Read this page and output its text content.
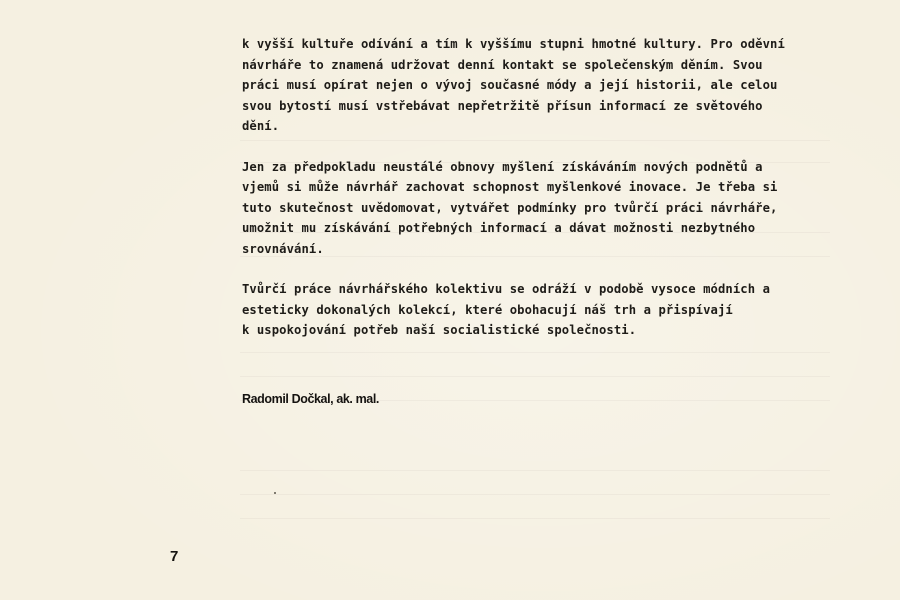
k vyšší kultuře odívání a tím k vyššímu stupni hmotné kultury. Pro oděvní
návrháře to znamená udržovat denní kontakt se společenským děním. Svou
práci musí opírat nejen o vývoj současné módy a její historii, ale celou
svou bytostí musí vstřebávat nepřetržitě přísun informací ze světového
dění.

Jen za předpokladu neustálé obnovy myšlení získáváním nových podnětů a
vjemů si může návrhář zachovat schopnost myšlenkové inovace. Je třeba si
tuto skutečnost uvědomovat, vytvářet podmínky pro tvůrčí práci návrháře,
umožnit mu získávání potřebných informací a dávat možnosti nezbytného
srovnávání.

Tvůrčí práce návrhářského kolektivu se odráží v podobě vysoce módních a
esteticky dokonalých kolekcí, které obohacují náš trh a přispívají
k uspokojování potřeb naší socialistické společnosti.

Radomil Dočkal, ak. mal.
7
